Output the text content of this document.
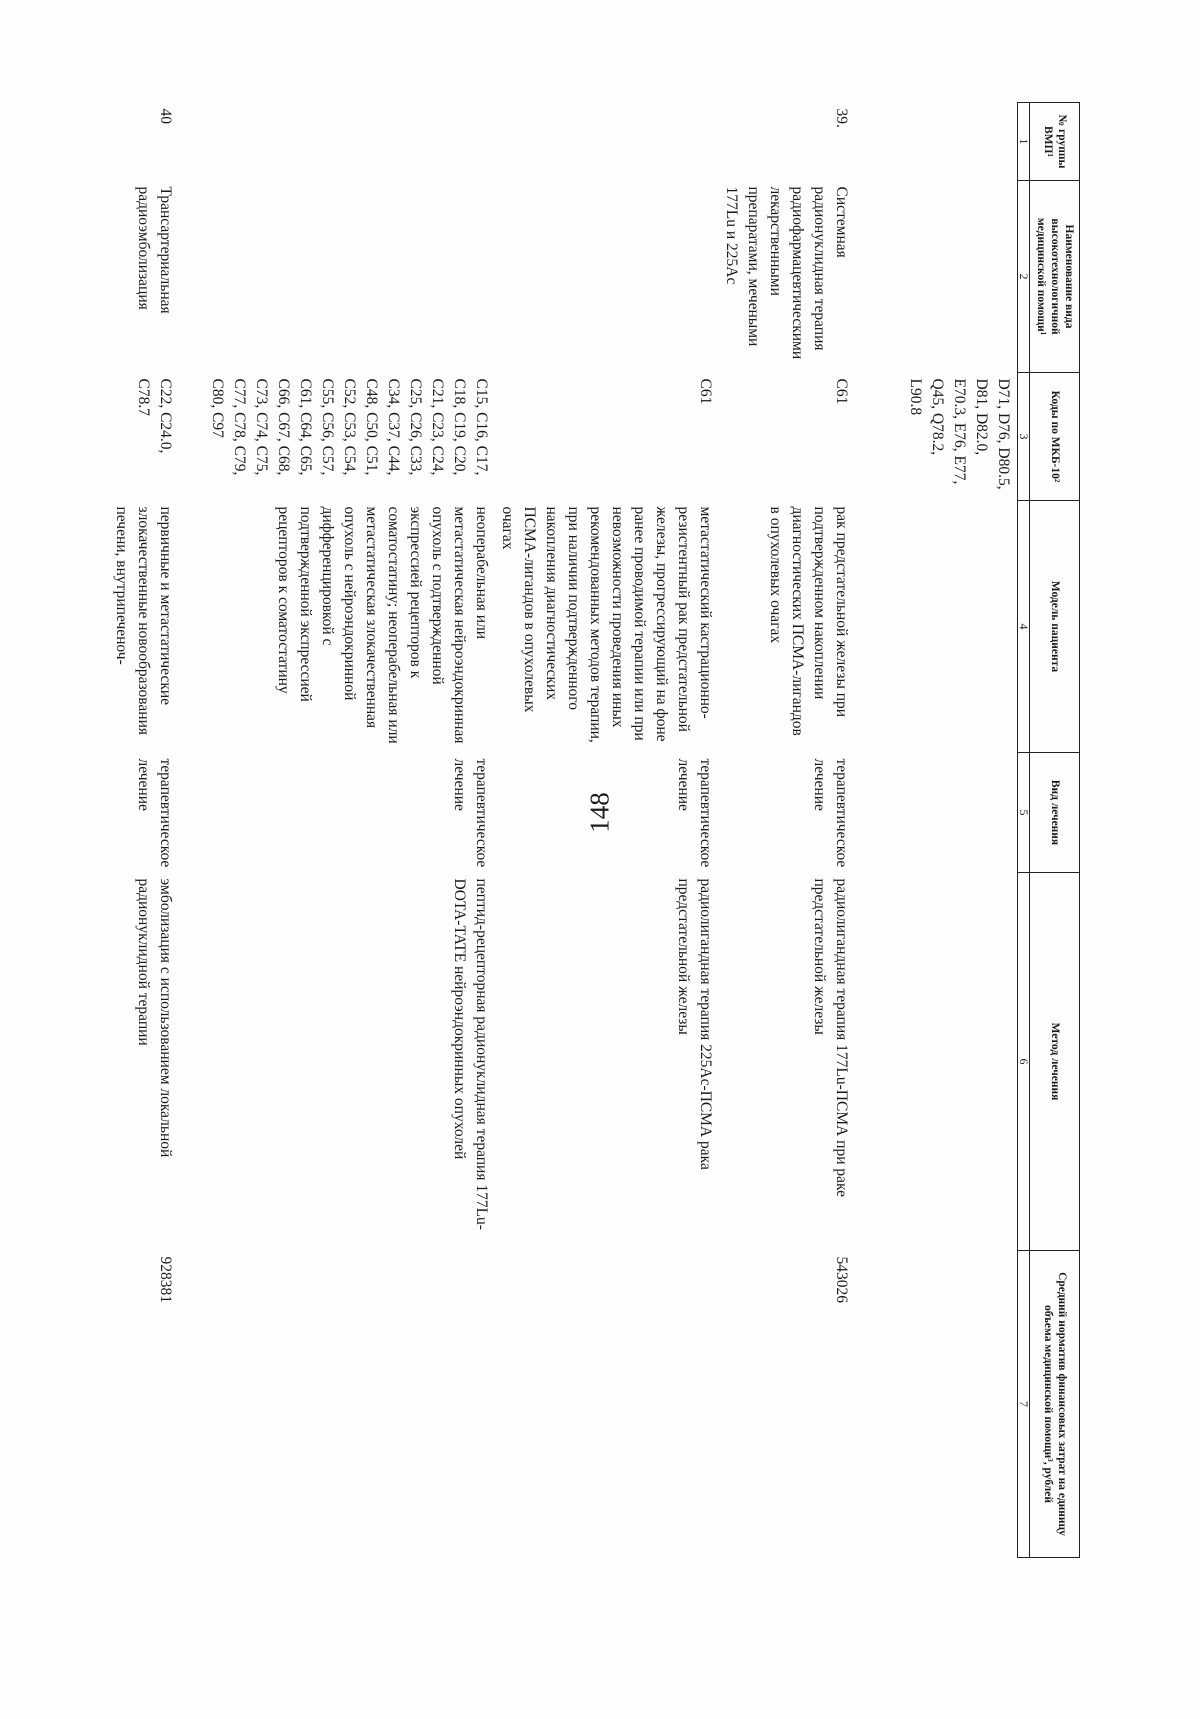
148
№ группы ВМП¹	Наименование вида высокотехнологичной медицинской помощи¹	Коды по МКБ-10²	Модель пациента	Вид лечения	Метод лечения	Средний норматив финансовых затрат на единицу объема медицинской помощи³, рублей
1	2	3	4	5	6	7
		D71, D76, D80.5, D81, D82.0, E70.3, E76, E77, Q45, Q78.2, L90.8				
39.	Системная радионуклидная терапия радиофармацевтическими лекарственными препаратами, мечеными 177Lu и 225Ac	C61	рак предстательной железы при подтвержденном накоплении диагностических ПСМА-лигандов в опухолевых очагах	терапевтическое лечение	радиолигандная терапия 177Lu-ПСМА при раке предстательной железы	543026
		C61	метастатический кастрационно-резистентный рак предстательной железы, прогрессирующий на фоне ранее проводимой терапии или при невозможности проведения иных рекомендованных методов терапии, при наличии подтвержденного накопления диагностических ПСМА-лигандов в опухолевых очагах	терапевтическое лечение	радиолигандная терапия 225Ac-ПСМА рака предстательной железы	
		C15, C16, C17, C18, C19, C20, C21, C23, C24, C25, C26, C33, C34, C37, C44, C48, C50, C51, C52, C53, C54, C55, C56, C57, C61, C64, C65, C66, C67, C68, C73, C74, C75, C77, C78, C79, C80, C97	неоперабельная или метастатическая нейроэндокринная опухоль с подтвержденной экспрессией рецепторов к соматостатину; неоперабельная или метастатическая злокачественная опухоль с нейроэндокринной дифференцировкой с подтвержденной экспрессией рецепторов к соматостатину	терапевтическое лечение	пептид-рецепторная радионуклидная терапия 177Lu-DOTA-TATE нейроэндокринных опухолей	
40	Трансартериальная радиоэмболизация	C22, C24.0, C78.7	первичные и метастатические злокачественные новообразования печени, внутрипеченоч-	терапевтическое лечение	эмболизация с использованием локальной радионуклидной терапии	928381
